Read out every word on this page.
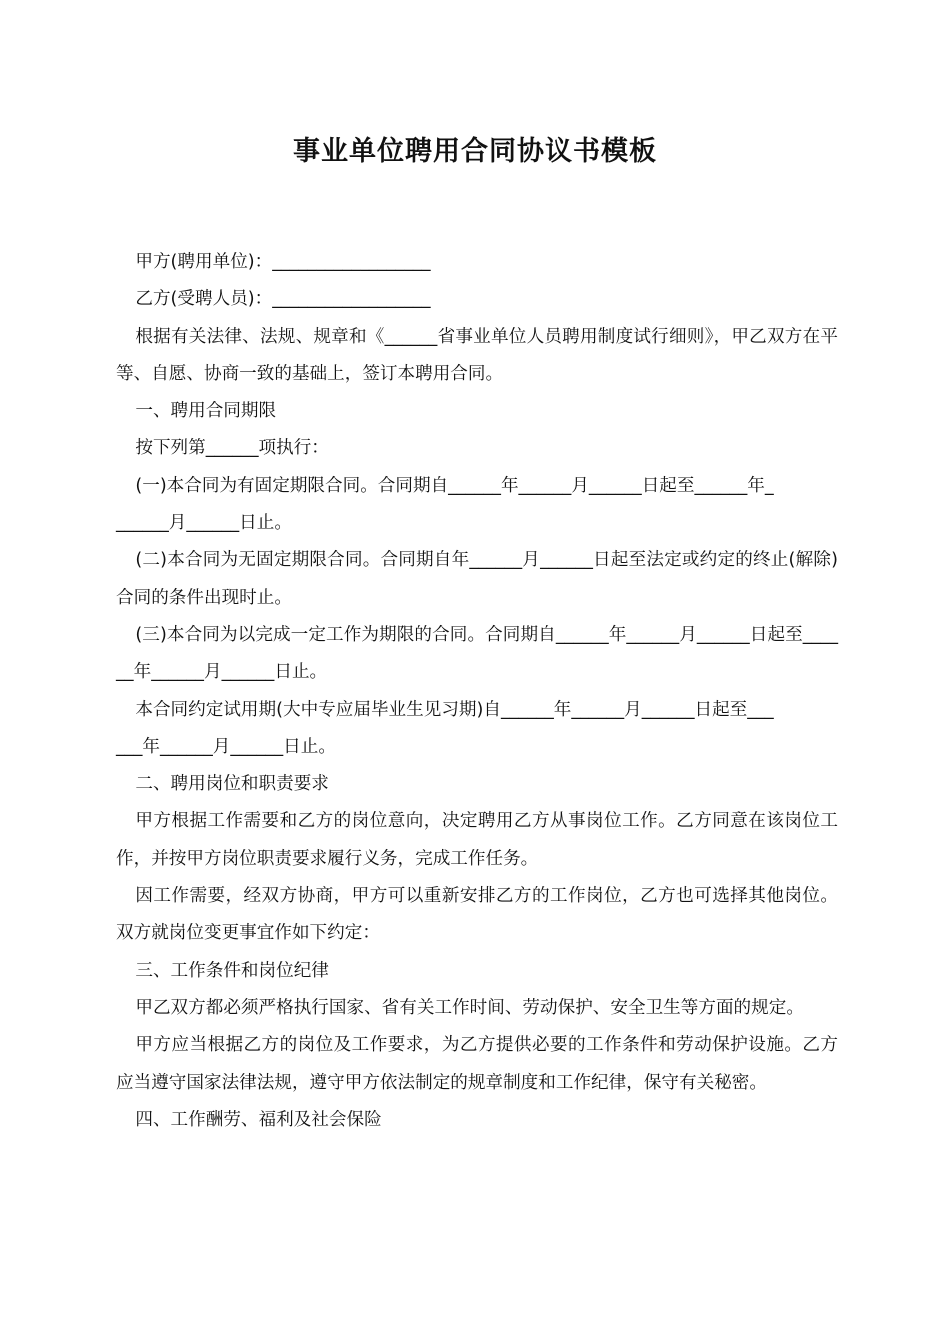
事业单位聘用合同协议书模板

甲方(聘用单位)：__________________

乙方(受聘人员)：__________________

根据有关法律、法规、规章和《______省事业单位人员聘用制度试行细则》，甲乙双方在平等、自愿、协商一致的基础上，签订本聘用合同。

一、聘用合同期限

按下列第______项执行：

(一)本合同为有固定期限合同。合同期自______年______月______日起至______年_
______月______日止。

(二)本合同为无固定期限合同。合同期自年______月______日起至法定或约定的终止(解除)合同的条件出现时止。

(三)本合同为以完成一定工作为期限的合同。合同期自______年______月______日起至______年______月______日止。

本合同约定试用期(大中专应届毕业生见习期)自______年______月______日起至___
___年______月______日止。

二、聘用岗位和职责要求

甲方根据工作需要和乙方的岗位意向，决定聘用乙方从事岗位工作。乙方同意在该岗位工作，并按甲方岗位职责要求履行义务，完成工作任务。

因工作需要，经双方协商，甲方可以重新安排乙方的工作岗位，乙方也可选择其他岗位。双方就岗位变更事宜作如下约定：

三、工作条件和岗位纪律

甲乙双方都必须严格执行国家、省有关工作时间、劳动保护、安全卫生等方面的规定。

甲方应当根据乙方的岗位及工作要求，为乙方提供必要的工作条件和劳动保护设施。乙方应当遵守国家法律法规，遵守甲方依法制定的规章制度和工作纪律，保守有关秘密。

四、工作酬劳、福利及社会保险
